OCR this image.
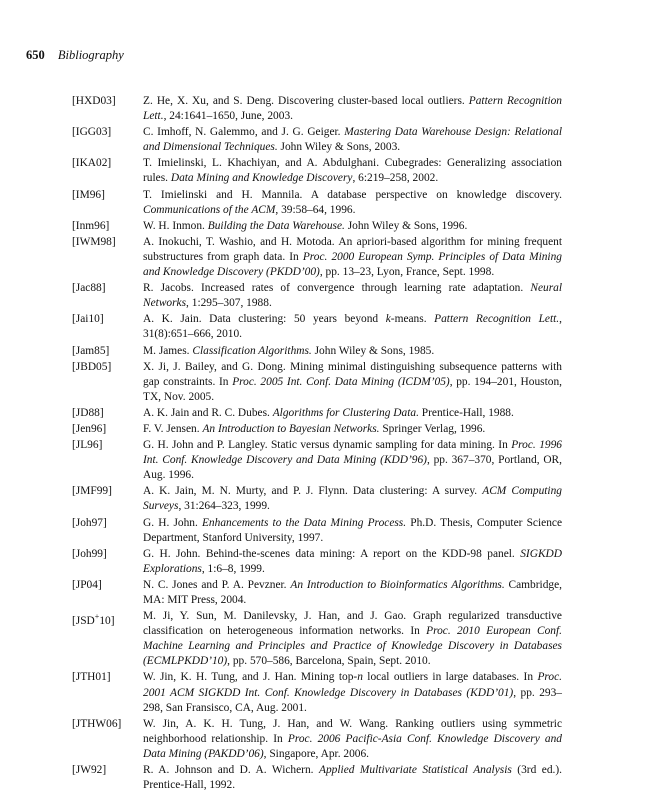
650 Bibliography
[HXD03]	Z. He, X. Xu, and S. Deng. Discovering cluster-based local outliers. Pattern Recognition Lett., 24:1641–1650, June, 2003.
[IGG03]	C. Imhoff, N. Galemmo, and J. G. Geiger. Mastering Data Warehouse Design: Relational and Dimensional Techniques. John Wiley & Sons, 2003.
[IKA02]	T. Imielinski, L. Khachiyan, and A. Abdulghani. Cubegrades: Generalizing association rules. Data Mining and Knowledge Discovery, 6:219–258, 2002.
[IM96]	T. Imielinski and H. Mannila. A database perspective on knowledge discovery. Communications of the ACM, 39:58–64, 1996.
[Inm96]	W. H. Inmon. Building the Data Warehouse. John Wiley & Sons, 1996.
[IWM98]	A. Inokuchi, T. Washio, and H. Motoda. An apriori-based algorithm for mining frequent substructures from graph data. In Proc. 2000 European Symp. Principles of Data Mining and Knowledge Discovery (PKDD’00), pp. 13–23, Lyon, France, Sept. 1998.
[Jac88]	R. Jacobs. Increased rates of convergence through learning rate adaptation. Neural Networks, 1:295–307, 1988.
[Jai10]	A. K. Jain. Data clustering: 50 years beyond k-means. Pattern Recognition Lett., 31(8):651–666, 2010.
[Jam85]	M. James. Classification Algorithms. John Wiley & Sons, 1985.
[JBD05]	X. Ji, J. Bailey, and G. Dong. Mining minimal distinguishing subsequence patterns with gap constraints. In Proc. 2005 Int. Conf. Data Mining (ICDM’05), pp. 194–201, Houston, TX, Nov. 2005.
[JD88]	A. K. Jain and R. C. Dubes. Algorithms for Clustering Data. Prentice-Hall, 1988.
[Jen96]	F. V. Jensen. An Introduction to Bayesian Networks. Springer Verlag, 1996.
[JL96]	G. H. John and P. Langley. Static versus dynamic sampling for data mining. In Proc. 1996 Int. Conf. Knowledge Discovery and Data Mining (KDD’96), pp. 367–370, Portland, OR, Aug. 1996.
[JMF99]	A. K. Jain, M. N. Murty, and P. J. Flynn. Data clustering: A survey. ACM Computing Surveys, 31:264–323, 1999.
[Joh97]	G. H. John. Enhancements to the Data Mining Process. Ph.D. Thesis, Computer Science Department, Stanford University, 1997.
[Joh99]	G. H. John. Behind-the-scenes data mining: A report on the KDD-98 panel. SIGKDD Explorations, 1:6–8, 1999.
[JP04]	N. C. Jones and P. A. Pevzner. An Introduction to Bioinformatics Algorithms. Cambridge, MA: MIT Press, 2004.
[JSD+10]	M. Ji, Y. Sun, M. Danilevsky, J. Han, and J. Gao. Graph regularized transductive classification on heterogeneous information networks. In Proc. 2010 European Conf. Machine Learning and Principles and Practice of Knowledge Discovery in Databases (ECMLPKDD’10), pp. 570–586, Barcelona, Spain, Sept. 2010.
[JTH01]	W. Jin, K. H. Tung, and J. Han. Mining top-n local outliers in large databases. In Proc. 2001 ACM SIGKDD Int. Conf. Knowledge Discovery in Databases (KDD’01), pp. 293–298, San Fransisco, CA, Aug. 2001.
[JTHW06]	W. Jin, A. K. H. Tung, J. Han, and W. Wang. Ranking outliers using symmetric neighborhood relationship. In Proc. 2006 Pacific-Asia Conf. Knowledge Discovery and Data Mining (PAKDD’06), Singapore, Apr. 2006.
[JW92]	R. A. Johnson and D. A. Wichern. Applied Multivariate Statistical Analysis (3rd ed.). Prentice-Hall, 1992.
